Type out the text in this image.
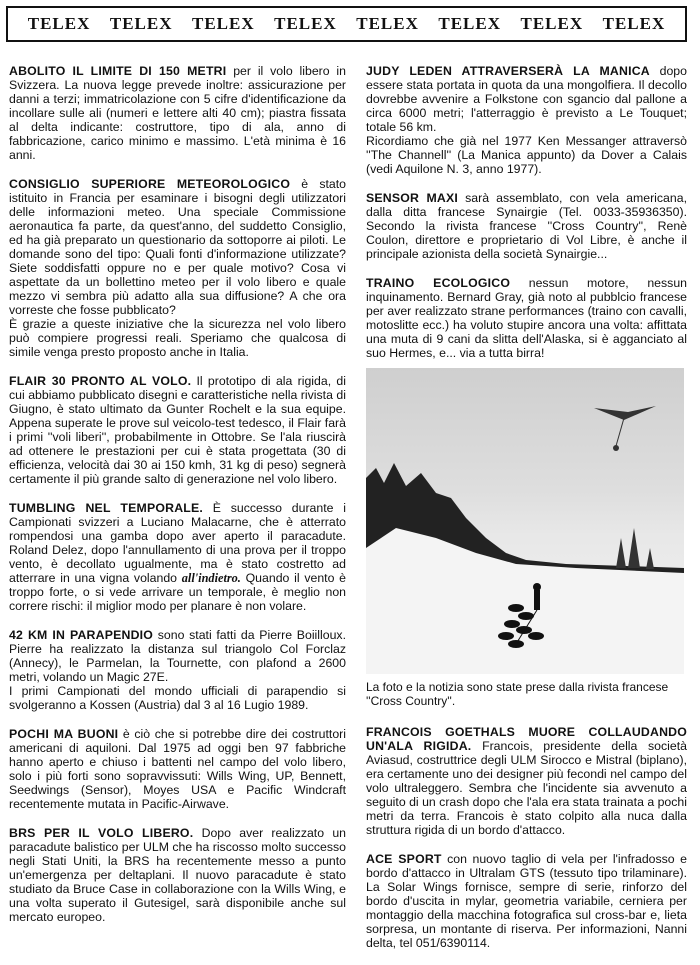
TELEX TELEX TELEX TELEX TELEX TELEX TELEX TELEX

ABOLITO IL LIMITE DI 150 METRI per il volo libero in Svizzera. La nuova legge prevede inoltre: assicurazione per danni a terzi; immatricolazione con 5 cifre d'identificazione da incollare sulle ali (numeri e lettere alti 40 cm); piastra fissata al delta indicante: costruttore, tipo di ala, anno di fabbricazione, carico minimo e massimo. L'età minima è 16 anni.

CONSIGLIO SUPERIORE METEOROLOGICO è stato istituito in Francia per esaminare i bisogni degli utilizzatori delle informazioni meteo. Una speciale Commissione aeronautica fa parte, da quest'anno, del suddetto Consiglio, ed ha già preparato un questionario da sottoporre ai piloti. Le domande sono del tipo: Quali fonti d'informazione utilizzate? Siete soddisfatti oppure no e per quale motivo? Cosa vi aspettate da un bollettino meteo per il volo libero e quale mezzo vi sembra più adatto alla sua diffusione? A che ora vorreste che fosse pubblicato?

È grazie a queste iniziative che la sicurezza nel volo libero può compiere progressi reali. Speriamo che qualcosa di simile venga presto proposto anche in Italia.

FLAIR 30 PRONTO AL VOLO. Il prototipo di ala rigida, di cui abbiamo pubblicato disegni e caratteristiche nella rivista di Giugno, è stato ultimato da Gunter Rochelt e la sua equipe. Appena superate le prove sul veicolo-test tedesco, il Flair farà i primi ''voli liberi'', probabilmente in Ottobre. Se l'ala riuscirà ad ottenere le prestazioni per cui è stata progettata (30 di efficienza, velocità dai 30 ai 150 kmh, 31 kg di peso) segnerà certamente il più grande salto di generazione nel volo libero.

TUMBLING NEL TEMPORALE. È successo durante i Campionati svizzeri a Luciano Malacarne, che è atterrato rompendosi una gamba dopo aver aperto il paracadute. Roland Delez, dopo l'annullamento di una prova per il troppo vento, è decollato ugualmente, ma è stato costretto ad atterrare in una vigna volando all'indietro. Quando il vento è troppo forte, o si vede arrivare un temporale, è meglio non correre rischi: il miglior modo per planare è non volare.

42 KM IN PARAPENDIO sono stati fatti da Pierre Boiilloux. Pierre ha realizzato la distanza sul triangolo Col Forclaz (Annecy), le Parmelan, la Tournette, con plafond a 2600 metri, volando un Magic 27E.

I primi Campionati del mondo ufficiali di parapendio si svolgeranno a Kossen (Austria) dal 3 al 16 Lugio 1989.

POCHI MA BUONI è ciò che si potrebbe dire dei costruttori americani di aquiloni. Dal 1975 ad oggi ben 97 fabbriche hanno aperto e chiuso i battenti nel campo del volo libero, solo i più forti sono sopravvissuti: Wills Wing, UP, Bennett, Seedwings (Sensor), Moyes USA e Pacific Windcraft recentemente mutata in Pacific-Airwave.

BRS PER IL VOLO LIBERO. Dopo aver realizzato un paracadute balistico per ULM che ha riscosso molto successo negli Stati Uniti, la BRS ha recentemente messo a punto un'emergenza per deltaplani. Il nuovo paracadute è stato studiato da Bruce Case in collaborazione con la Wills Wing, e una volta superato il Gutesigel, sarà disponibile anche sul mercato europeo.

JUDY LEDEN ATTRAVERSERÀ LA MANICA dopo essere stata portata in quota da una mongolfiera. Il decollo dovrebbe avvenire a Folkstone con sgancio dal pallone a circa 6000 metri; l'atterraggio è previsto a Le Touquet; totale 56 km.

Ricordiamo che già nel 1977 Ken Messanger attraversò ''The Channell'' (La Manica appunto) da Dover a Calais (vedi Aquilone N. 3, anno 1977).

SENSOR MAXI sarà assemblato, con vela americana, dalla ditta francese Synairgie (Tel. 0033-35936350). Secondo la rivista francese ''Cross Country'', Renè Coulon, direttore e proprietario di Vol Libre, è anche il principale azionista della società Synairgie...

TRAINO ECOLOGICO nessun motore, nessun inquinamento. Bernard Gray, già noto al pubblcio francese per aver realizzato strane performances (traino con cavalli, motoslitte ecc.) ha voluto stupire ancora una volta: affittata una muta di 9 cani da slitta dell'Alaska, si è agganciato al suo Hermes, e... via a tutta birra!

La foto e la notizia sono state prese dalla rivista francese ''Cross Country''.

FRANCOIS GOETHALS MUORE COLLAUDANDO UN'ALA RIGIDA. Francois, presidente della società Aviasud, costruttrice degli ULM Sirocco e Mistral (biplano), era certamente uno dei designer più fecondi nel campo del volo ultraleggero. Sembra che l'incidente sia avvenuto a seguito di un crash dopo che l'ala era stata trainata a pochi metri da terra. Francois è stato colpito alla nuca dalla struttura rigida di un bordo d'attacco.

ACE SPORT con nuovo taglio di vela per l'infradosso e bordo d'attacco in Ultralam GTS (tessuto tipo trilaminare). La Solar Wings fornisce, sempre di serie, rinforzo del bordo d'uscita in mylar, geometria variabile, cerniera per montaggio della macchina fotografica sul cross-bar e, lieta sorpresa, un montante di riserva. Per informazioni, Nanni delta, tel 051/6390114.
